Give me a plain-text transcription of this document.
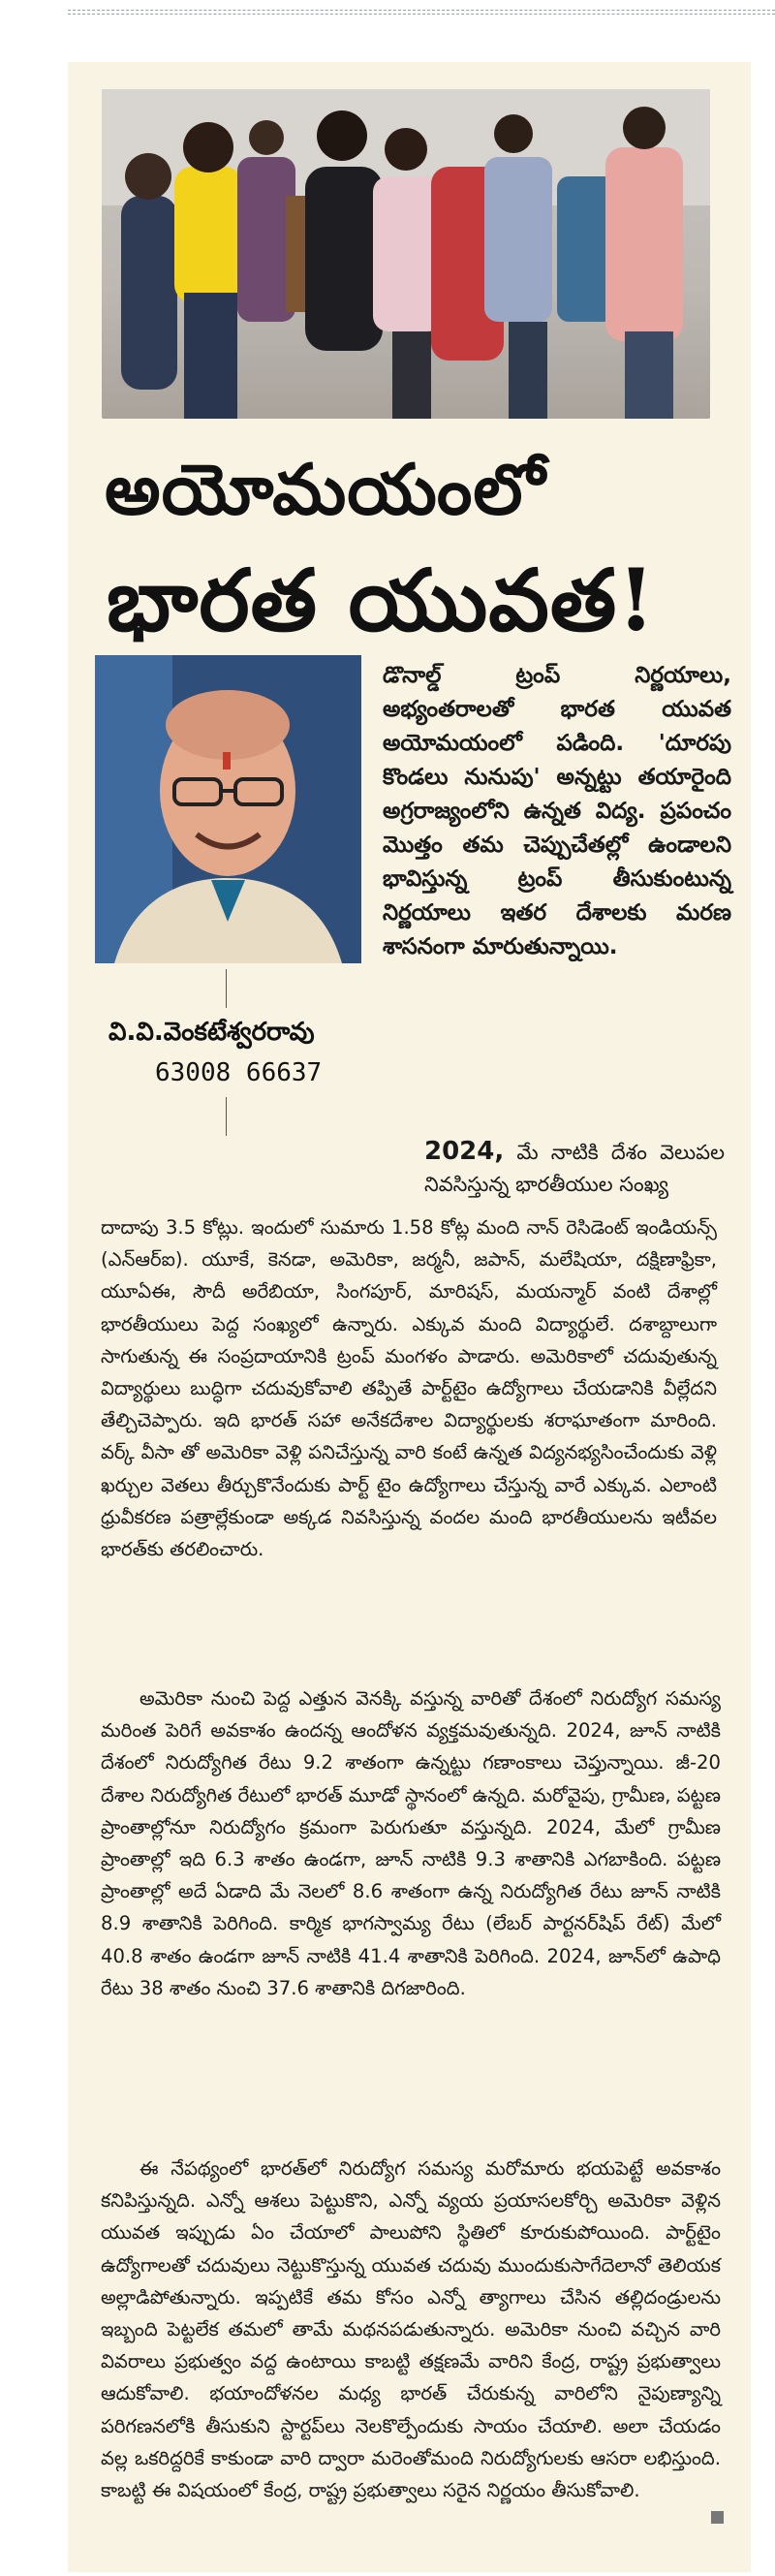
అయోమయంలో
భారత యువత!
వి.వి.వెంకటేశ్వరరావు
63008 66637
డొనాల్డ్ ట్రంప్ నిర్ణయాలు, అభ్యంతరాలతో భారత యువత అయోమయంలో పడింది. 'దూరపు కొండలు నునుపు' అన్నట్టు తయారైంది అగ్రరాజ్యంలోని ఉన్నత విద్య. ప్రపంచం మొత్తం తమ చెప్పుచేతల్లో ఉండాలని భావిస్తున్న ట్రంప్ తీసుకుంటున్న నిర్ణయాలు ఇతర దేశాలకు మరణ శాసనంగా మారుతున్నాయి.
2024, మే నాటికి దేశం వెలుపల నివసిస్తున్న భారతీయుల సంఖ్య
దాదాపు 3.5 కోట్లు. ఇందులో సుమారు 1.58 కోట్ల మంది నాన్ రెసిడెంట్ ఇండియన్స్ (ఎన్ఆర్ఐ). యూకే, కెనడా, అమెరికా, జర్మనీ, జపాన్, మలేషియా, దక్షిణాఫ్రికా, యూఏఈ, సౌదీ అరేబియా, సింగపూర్, మారిషస్, మయన్మార్ వంటి దేశాల్లో భారతీయులు పెద్ద సంఖ్యలో ఉన్నారు. ఎక్కువ మంది విద్యార్థులే. దశాబ్దాలుగా సాగుతున్న ఈ సంప్రదాయానికి ట్రంప్ మంగళం పాడారు. అమెరికాలో చదువుతున్న విద్యార్థులు బుద్ధిగా చదువుకోవాలి తప్పితే పార్ట్‌టైం ఉద్యోగాలు చేయడానికి వీల్లేదని తేల్చిచెప్పారు. ఇది భారత్ సహా అనేకదేశాల విద్యార్థులకు శరాఘాతంగా మారింది. వర్క్ వీసా తో అమెరికా వెళ్లి పనిచేస్తున్న వారి కంటే ఉన్నత విద్యనభ్యసించేందుకు వెళ్లి ఖర్చుల వెతలు తీర్చుకొనేందుకు పార్ట్ టైం ఉద్యోగాలు చేస్తున్న వారే ఎక్కువ. ఎలాంటి ధ్రువీకరణ పత్రాల్లేకుండా అక్కడ నివసిస్తున్న వందల మంది భారతీయులను ఇటీవల భారత్‌కు తరలించారు.
అమెరికా నుంచి పెద్ద ఎత్తున వెనక్కి వస్తున్న వారితో దేశంలో నిరుద్యోగ సమస్య మరింత పెరిగే అవకాశం ఉందన్న ఆందోళన వ్యక్తమవుతున్నది. 2024, జూన్ నాటికి దేశంలో నిరుద్యోగిత రేటు 9.2 శాతంగా ఉన్నట్టు గణాంకాలు చెప్తున్నాయి. జీ-20 దేశాల నిరుద్యోగిత రేటులో భారత్ మూడో స్థానంలో ఉన్నది. మరోవైపు, గ్రామీణ, పట్టణ ప్రాంతాల్లోనూ నిరుద్యోగం క్రమంగా పెరుగుతూ వస్తున్నది. 2024, మేలో గ్రామీణ ప్రాంతాల్లో ఇది 6.3 శాతం ఉండగా, జూన్ నాటికి 9.3 శాతానికి ఎగబాకింది. పట్టణ ప్రాంతాల్లో అదే ఏడాది మే నెలలో 8.6 శాతంగా ఉన్న నిరుద్యోగిత రేటు జూన్ నాటికి 8.9 శాతానికి పెరిగింది. కార్మిక భాగస్వామ్య రేటు (లేబర్ పార్టనర్‌షిప్ రేట్) మేలో 40.8 శాతం ఉండగా జూన్ నాటికి 41.4 శాతానికి పెరిగింది. 2024, జూన్‌లో ఉపాధి రేటు 38 శాతం నుంచి 37.6 శాతానికి దిగజారింది.
ఈ నేపథ్యంలో భారత్‌లో నిరుద్యోగ సమస్య మరోమారు భయపెట్టే అవకాశం కనిపిస్తున్నది. ఎన్నో ఆశలు పెట్టుకొని, ఎన్నో వ్యయ ప్రయాసలకోర్చి అమెరికా వెళ్లిన యువత ఇప్పుడు ఏం చేయాలో పాలుపోని స్థితిలో కూరుకుపోయింది. పార్ట్‌టైం ఉద్యోగాలతో చదువులు నెట్టుకొస్తున్న యువత చదువు ముందుకుసాగేదెలానో తెలియక అల్లాడిపోతున్నారు. ఇప్పటికే తమ కోసం ఎన్నో త్యాగాలు చేసిన తల్లిదండ్రులను ఇబ్బంది పెట్టలేక తమలో తామే మథనపడుతున్నారు. అమెరికా నుంచి వచ్చిన వారి వివరాలు ప్రభుత్వం వద్ద ఉంటాయి కాబట్టి తక్షణమే వారిని కేంద్ర, రాష్ట్ర ప్రభుత్వాలు ఆదుకోవాలి. భయాందోళనల మధ్య భారత్ చేరుకున్న వారిలోని నైపుణ్యాన్ని పరిగణనలోకి తీసుకుని స్టార్టప్‌లు నెలకొల్పేందుకు సాయం చేయాలి. అలా చేయడం వల్ల ఒకరిద్దరికే కాకుండా వారి ద్వారా మరెంతోమంది నిరుద్యోగులకు ఆసరా లభిస్తుంది. కాబట్టి ఈ విషయంలో కేంద్ర, రాష్ట్ర ప్రభుత్వాలు సరైన నిర్ణయం తీసుకోవాలి.
